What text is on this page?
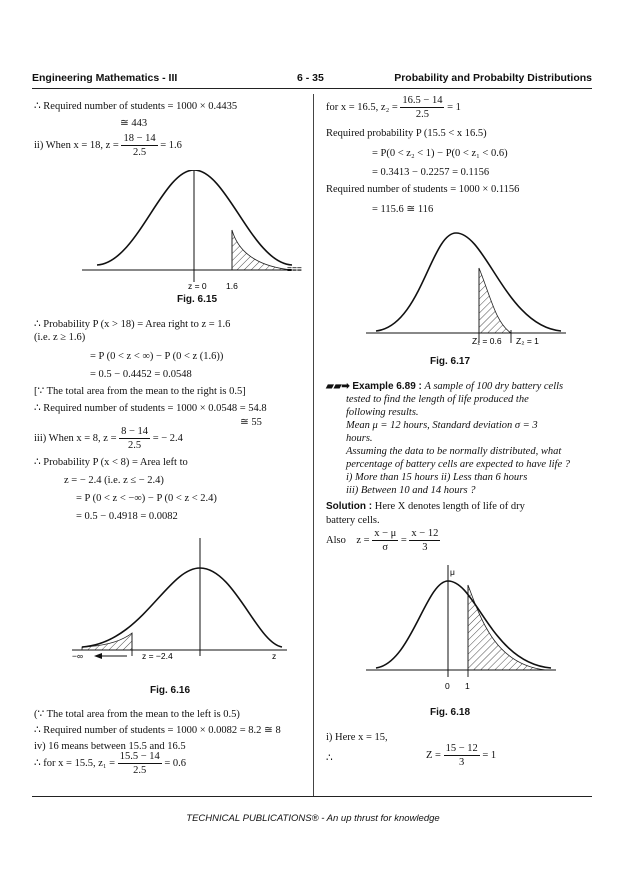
Engineering Mathematics - III	6 - 35	Probability and Probabilty Distributions
∴ Required number of students = 1000 × 0.4435
≅ 443
ii) When x = 18, $z = \frac{18 - 14}{2.5} = 1.6$
≡≡≡
z = 0 1.6
Fig. 6.15
∴ Probability P (x > 18) = Area right to z = 1.6
(i.e. z ≥ 1.6)
= P (0 < z < ∞) − P (0 < z (1.6))
= 0.5 − 0.4452 = 0.0548
[∵ The total area from the mean to the right is 0.5]
∴ Required number of students = 1000 × 0.0548 = 54.8
≅ 55
iii) When x = 8, $z = \frac{8 - 14}{2.5}$ = − 2.4
∴ Probability P (x < 8) = Area left to
z = − 2.4 (i.e. z ≤ − 2.4)
= P (0 < z < −∞) − P (0 < z < 2.4)
= 0.5 − 0.4918 = 0.0082
−∞	z = −2.4	z
Fig. 6.16
(∵ The total area from the mean to the left is 0.5)
∴ Required number of students = 1000 × 0.0082 = 8.2 ≅ 8
iv) 16 means between 15.5 and 16.5
∴ for x = 15.5, $z_1 = \frac{15.5 - 14}{2.5} = 0.6$
for x = 16.5, $z_2 = \frac{16.5 - 14}{2.5} = 1$
Required probability P (15.5 < x 16.5)
= P(0 < z₂ < 1) − P(0 < z₁ < 0.6)
= 0.3413 − 0.2257 = 0.1156
Required number of students = 1000 × 0.1156
= 115.6 ≅ 116
Z₁ = 0.6 Z₂ = 1
Fig. 6.17
▰▰➡ Example 6.89 : A sample of 100 dry battery cells
tested to find the length of life produced the
following results.
Mean μ = 12 hours, Standard deviation σ = 3
hours.
Assuming the data to be normally distributed, what
percentage of battery cells are expected to have life ?
i) More than 15 hours ii) Less than 6 hours
iii) Between 10 and 14 hours ?
Solution : Here X denotes length of life of dry
battery cells.
Also $z = \frac{x - \mu}{\sigma} = \frac{x - 12}{3}$
μ
0 1
Fig. 6.18
i) Here x = 15,
∴	$Z = \frac{15 - 12}{3} = 1$
TECHNICAL PUBLICATIONS® - An up thrust for knowledge
